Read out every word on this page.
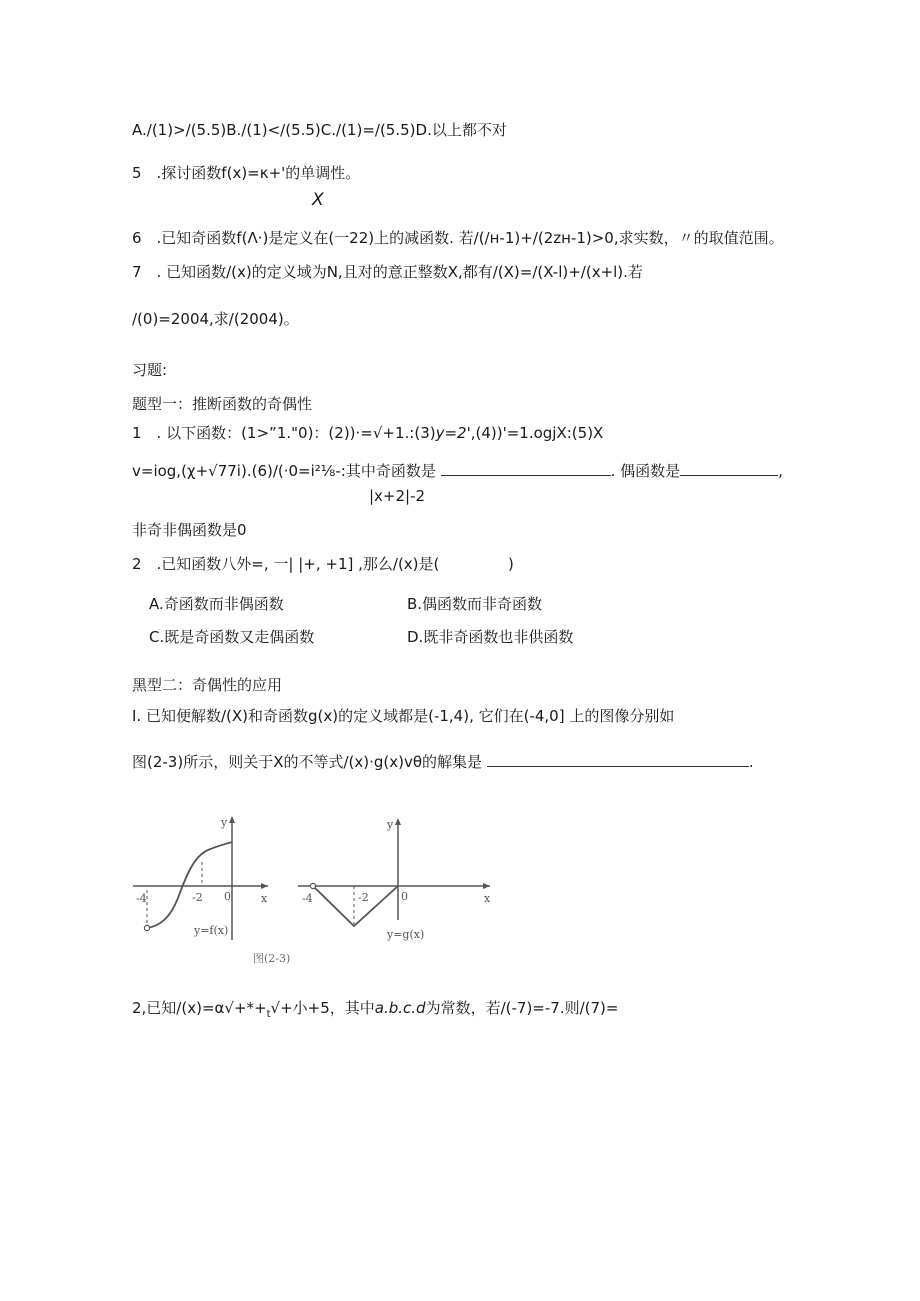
A./(1)>/(5.5)B./(1)</(5.5)C./(1)=/(5.5)D.以上都不对
5　.探讨函数f(x)=κ+'的单调性。
X
6　.已知奇函数f(Λ·)是定义在(一22)上的减函数. 若/(/н-1)+/(2zн-1)>0,求实数，〃的取值范围。
7　. 已知函数/(x)的定义域为N,且对的意正整数X,都有/(X)=/(X-l)+/(x+l).若
/(0)=2004,求/(2004)。
习题:
题型一：推断函数的奇偶性
1　. 以下函数：(1>”1."0)：(2))·=√+1.:(3)y=2',(4))'=1.ogjX:(5)X
v=iog,(χ+√77i).(6)/(·0=i²⅛-:其中奇函数是	. 偶函数是	,
|x+2|-2
非奇非偶函数是0
2　.已知函数八外=, 一| |+, +1] ,那么/(x)是(	)
A.奇函数而非偶函数	B.偶函数而非奇函数
C.既是奇函数又走偶函数	D.既非奇函数也非供函数
黑型二：奇偶性的应用
I. 已知便解数/(X)和奇函数g(x)的定义域都是(-1,4), 它们在(-4,0] 上的图像分别如
图(2-3)所示，则关于X的不等式/(x)·g(x)vθ的解集是	.
-4	-2 0	x
y
y=f(x)
-4	-2	0	x
y
y=g(x)
图(2-3)
2,已知$/(x)=\alpha√+*+_t√+$小+5，其中a.b.c.d为常数，若/(-7)=-7.则/(7)=
